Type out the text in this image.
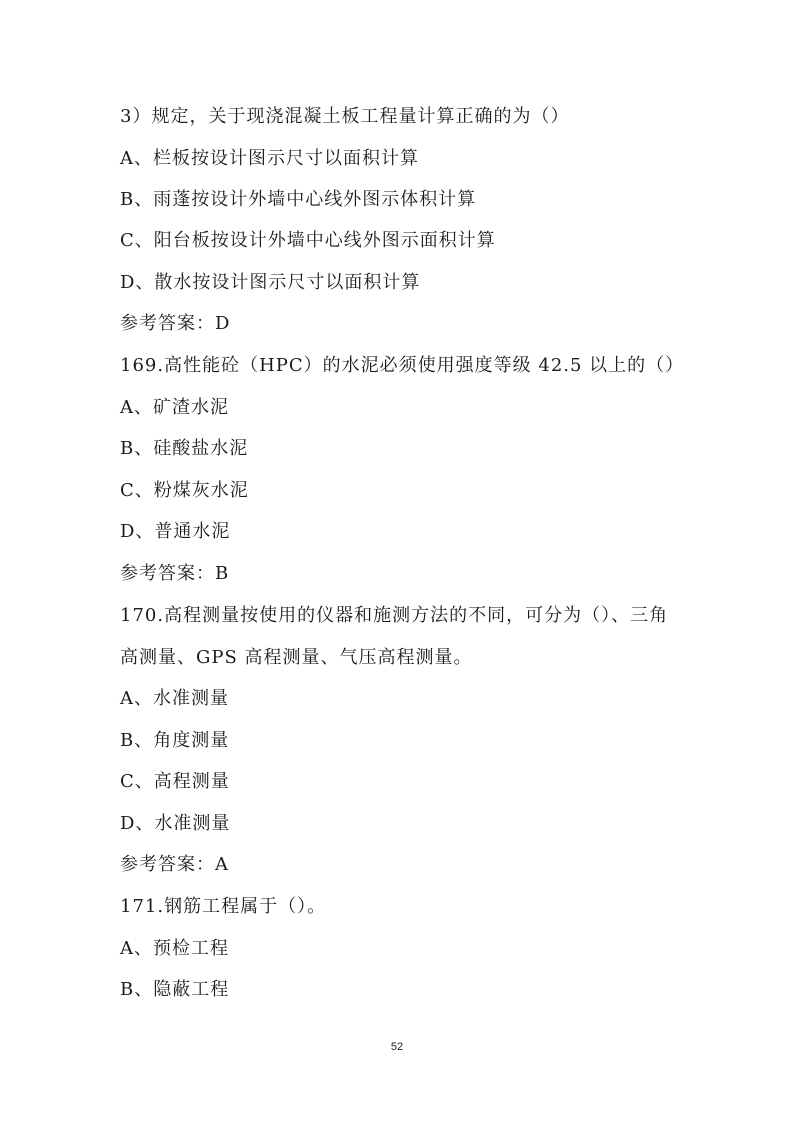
3）规定，关于现浇混凝土板工程量计算正确的为（）
A、栏板按设计图示尺寸以面积计算
B、雨蓬按设计外墙中心线外图示体积计算
C、阳台板按设计外墙中心线外图示面积计算
D、散水按设计图示尺寸以面积计算
参考答案：D
169.高性能砼（HPC）的水泥必须使用强度等级 42.5 以上的（）
A、矿渣水泥
B、硅酸盐水泥
C、粉煤灰水泥
D、普通水泥
参考答案：B
170.高程测量按使用的仪器和施测方法的不同，可分为（）、三角
高测量、GPS 高程测量、气压高程测量。
A、水准测量
B、角度测量
C、高程测量
D、水准测量
参考答案：A
171.钢筋工程属于（）。
A、预检工程
B、隐蔽工程
52
